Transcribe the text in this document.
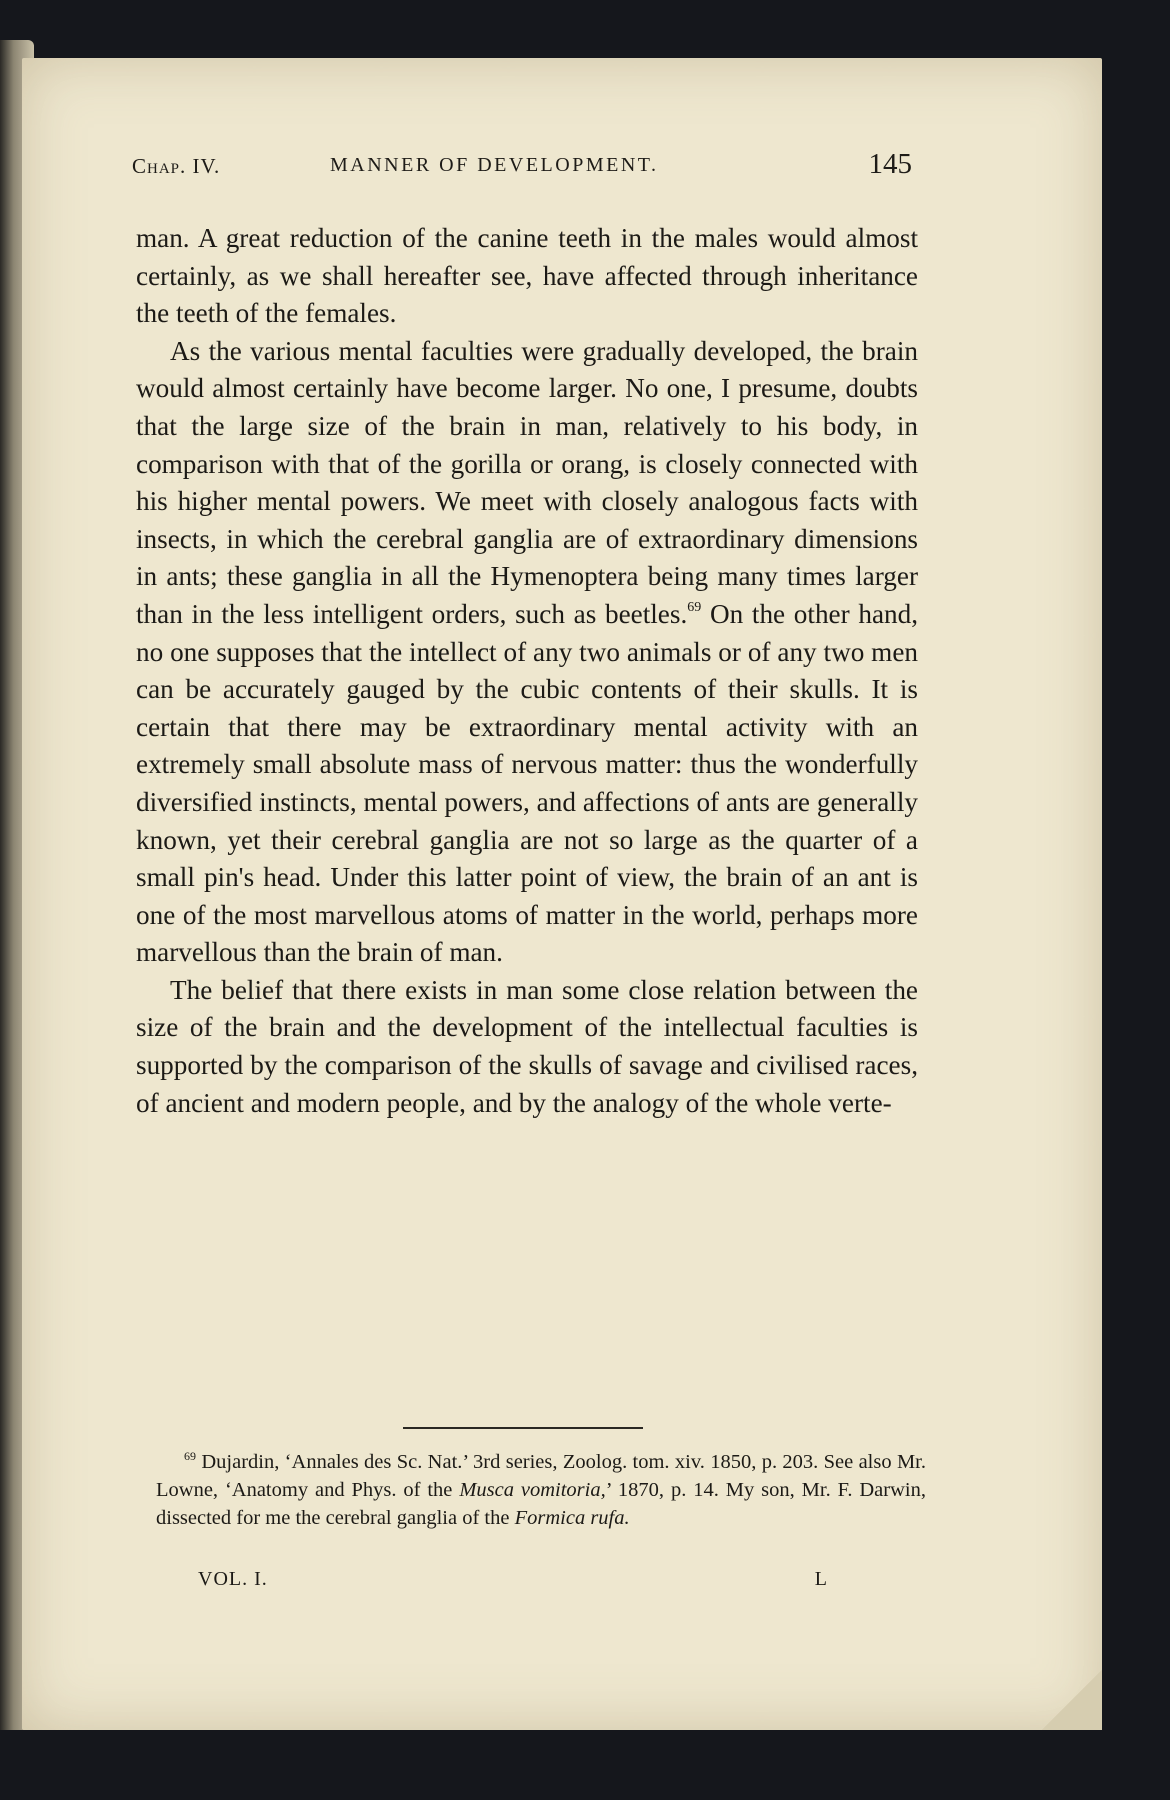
Chap. IV.	MANNER OF DEVELOPMENT.	145

man. A great reduction of the canine teeth in the males would almost certainly, as we shall hereafter see, have affected through inheritance the teeth of the females.

As the various mental faculties were gradually developed, the brain would almost certainly have become larger. No one, I presume, doubts that the large size of the brain in man, relatively to his body, in comparison with that of the gorilla or orang, is closely connected with his higher mental powers. We meet with closely analogous facts with insects, in which the cerebral ganglia are of extraordinary dimensions in ants; these ganglia in all the Hymenoptera being many times larger than in the less intelligent orders, such as beetles.$^{69}$ On the other hand, no one supposes that the intellect of any two animals or of any two men can be accurately gauged by the cubic contents of their skulls. It is certain that there may be extraordinary mental activity with an extremely small absolute mass of nervous matter: thus the wonderfully diversified instincts, mental powers, and affections of ants are generally known, yet their cerebral ganglia are not so large as the quarter of a small pin's head. Under this latter point of view, the brain of an ant is one of the most marvellous atoms of matter in the world, perhaps more marvellous than the brain of man.

The belief that there exists in man some close relation between the size of the brain and the development of the intellectual faculties is supported by the comparison of the skulls of savage and civilised races, of ancient and modern people, and by the analogy of the whole verte-

$^{69}$ Dujardin, ‘Annales des Sc. Nat.’ 3rd series, Zoolog. tom. xiv. 1850, p. 203. See also Mr. Lowne, ‘Anatomy and Phys. of the Musca vomitoria,’ 1870, p. 14. My son, Mr. F. Darwin, dissected for me the cerebral ganglia of the Formica rufa.

VOL. I.	L
